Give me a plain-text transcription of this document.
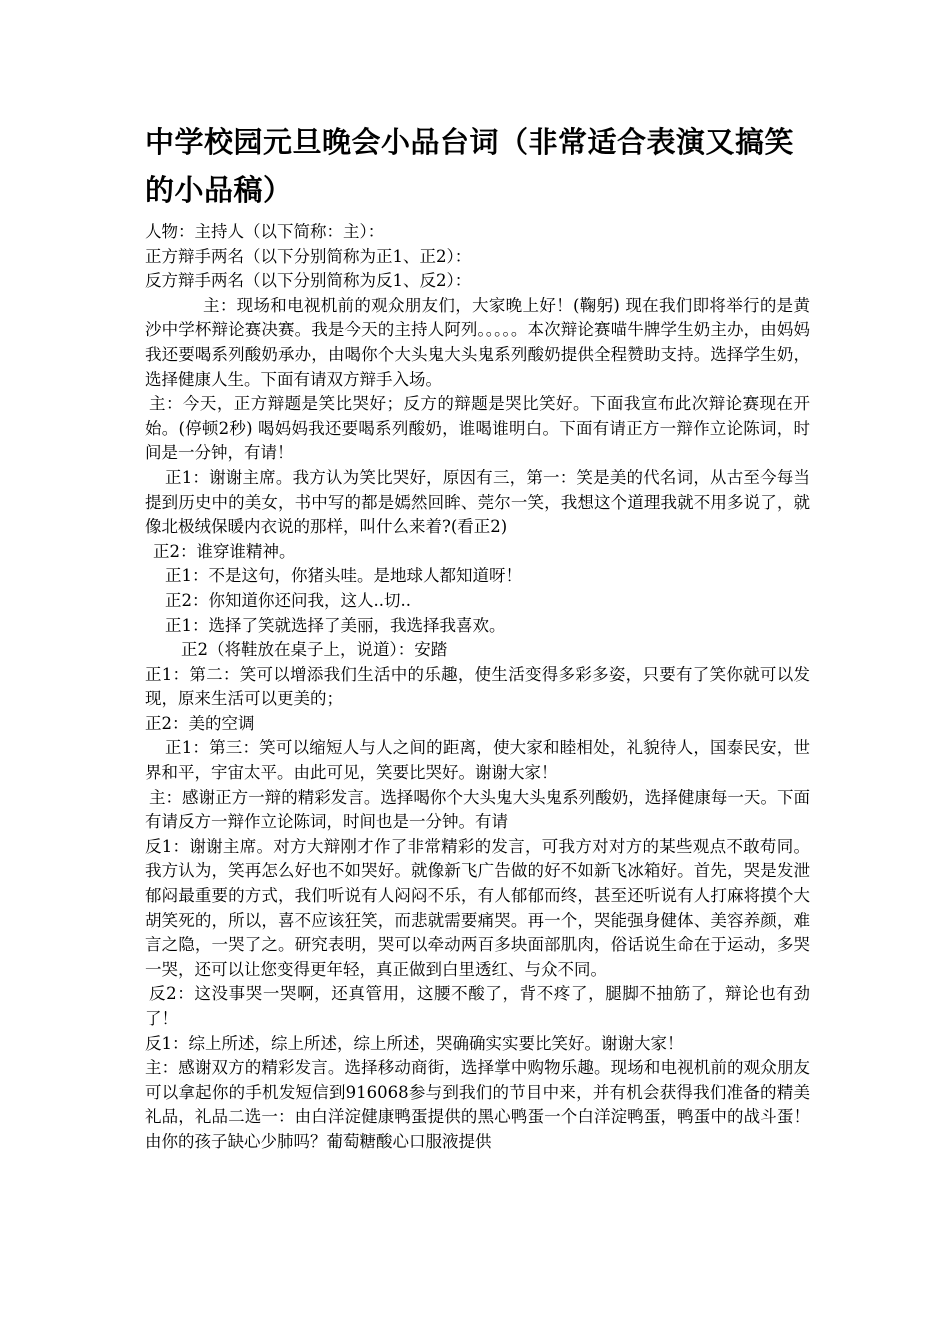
中学校园元旦晚会小品台词（非常适合表演又搞笑的小品稿）

人物：主持人（以下简称：主）：

正方辩手两名（以下分别简称为正1、正2）：

反方辩手两名（以下分别简称为反1、反2）：

主：现场和电视机前的观众朋友们，大家晚上好！(鞠躬) 现在我们即将举行的是黄沙中学杯辩论赛决赛。我是今天的主持人阿列。。。。。本次辩论赛喵牛牌学生奶主办，由妈妈我还要喝系列酸奶承办，由喝你个大头鬼大头鬼系列酸奶提供全程赞助支持。选择学生奶，选择健康人生。下面有请双方辩手入场。

主：今天，正方辩题是笑比哭好；反方的辩题是哭比笑好。下面我宣布此次辩论赛现在开始。(停顿2秒) 喝妈妈我还要喝系列酸奶，谁喝谁明白。下面有请正方一辩作立论陈词，时间是一分钟，有请！

正1：谢谢主席。我方认为笑比哭好，原因有三，第一：笑是美的代名词，从古至今每当提到历史中的美女，书中写的都是嫣然回眸、莞尔一笑，我想这个道理我就不用多说了，就像北极绒保暖内衣说的那样，叫什么来着?(看正2)

正2：谁穿谁精神。

正1：不是这句，你猪头哇。是地球人都知道呀！

正2：你知道你还问我，这人..切..

正1：选择了笑就选择了美丽，我选择我喜欢。

正2（将鞋放在桌子上，说道）：安踏

正1：第二：笑可以增添我们生活中的乐趣，使生活变得多彩多姿，只要有了笑你就可以发现，原来生活可以更美的；

正2：美的空调

正1：第三：笑可以缩短人与人之间的距离，使大家和睦相处，礼貌待人，国泰民安，世界和平，宇宙太平。由此可见，笑要比哭好。谢谢大家！

主：感谢正方一辩的精彩发言。选择喝你个大头鬼大头鬼系列酸奶，选择健康每一天。下面有请反方一辩作立论陈词，时间也是一分钟。有请

反1：谢谢主席。对方大辩刚才作了非常精彩的发言，可我方对对方的某些观点不敢苟同。我方认为，笑再怎么好也不如哭好。就像新飞广告做的好不如新飞冰箱好。首先，哭是发泄郁闷最重要的方式，我们听说有人闷闷不乐，有人郁郁而终，甚至还听说有人打麻将摸个大胡笑死的，所以，喜不应该狂笑，而悲就需要痛哭。再一个，哭能强身健体、美容养颜，难言之隐，一哭了之。研究表明，哭可以牵动两百多块面部肌肉，俗话说生命在于运动，多哭一哭，还可以让您变得更年轻，真正做到白里透红、与众不同。

反2：这没事哭一哭啊，还真管用，这腰不酸了，背不疼了，腿脚不抽筋了，辩论也有劲了！

反1：综上所述，综上所述，综上所述，哭确确实实要比笑好。谢谢大家！

主：感谢双方的精彩发言。选择移动商街，选择掌中购物乐趣。现场和电视机前的观众朋友可以拿起你的手机发短信到916068参与到我们的节目中来，并有机会获得我们准备的精美礼品，礼品二选一：由白洋淀健康鸭蛋提供的黑心鸭蛋一个白洋淀鸭蛋，鸭蛋中的战斗蛋！由你的孩子缺心少肺吗？葡萄糖酸心口服液提供
